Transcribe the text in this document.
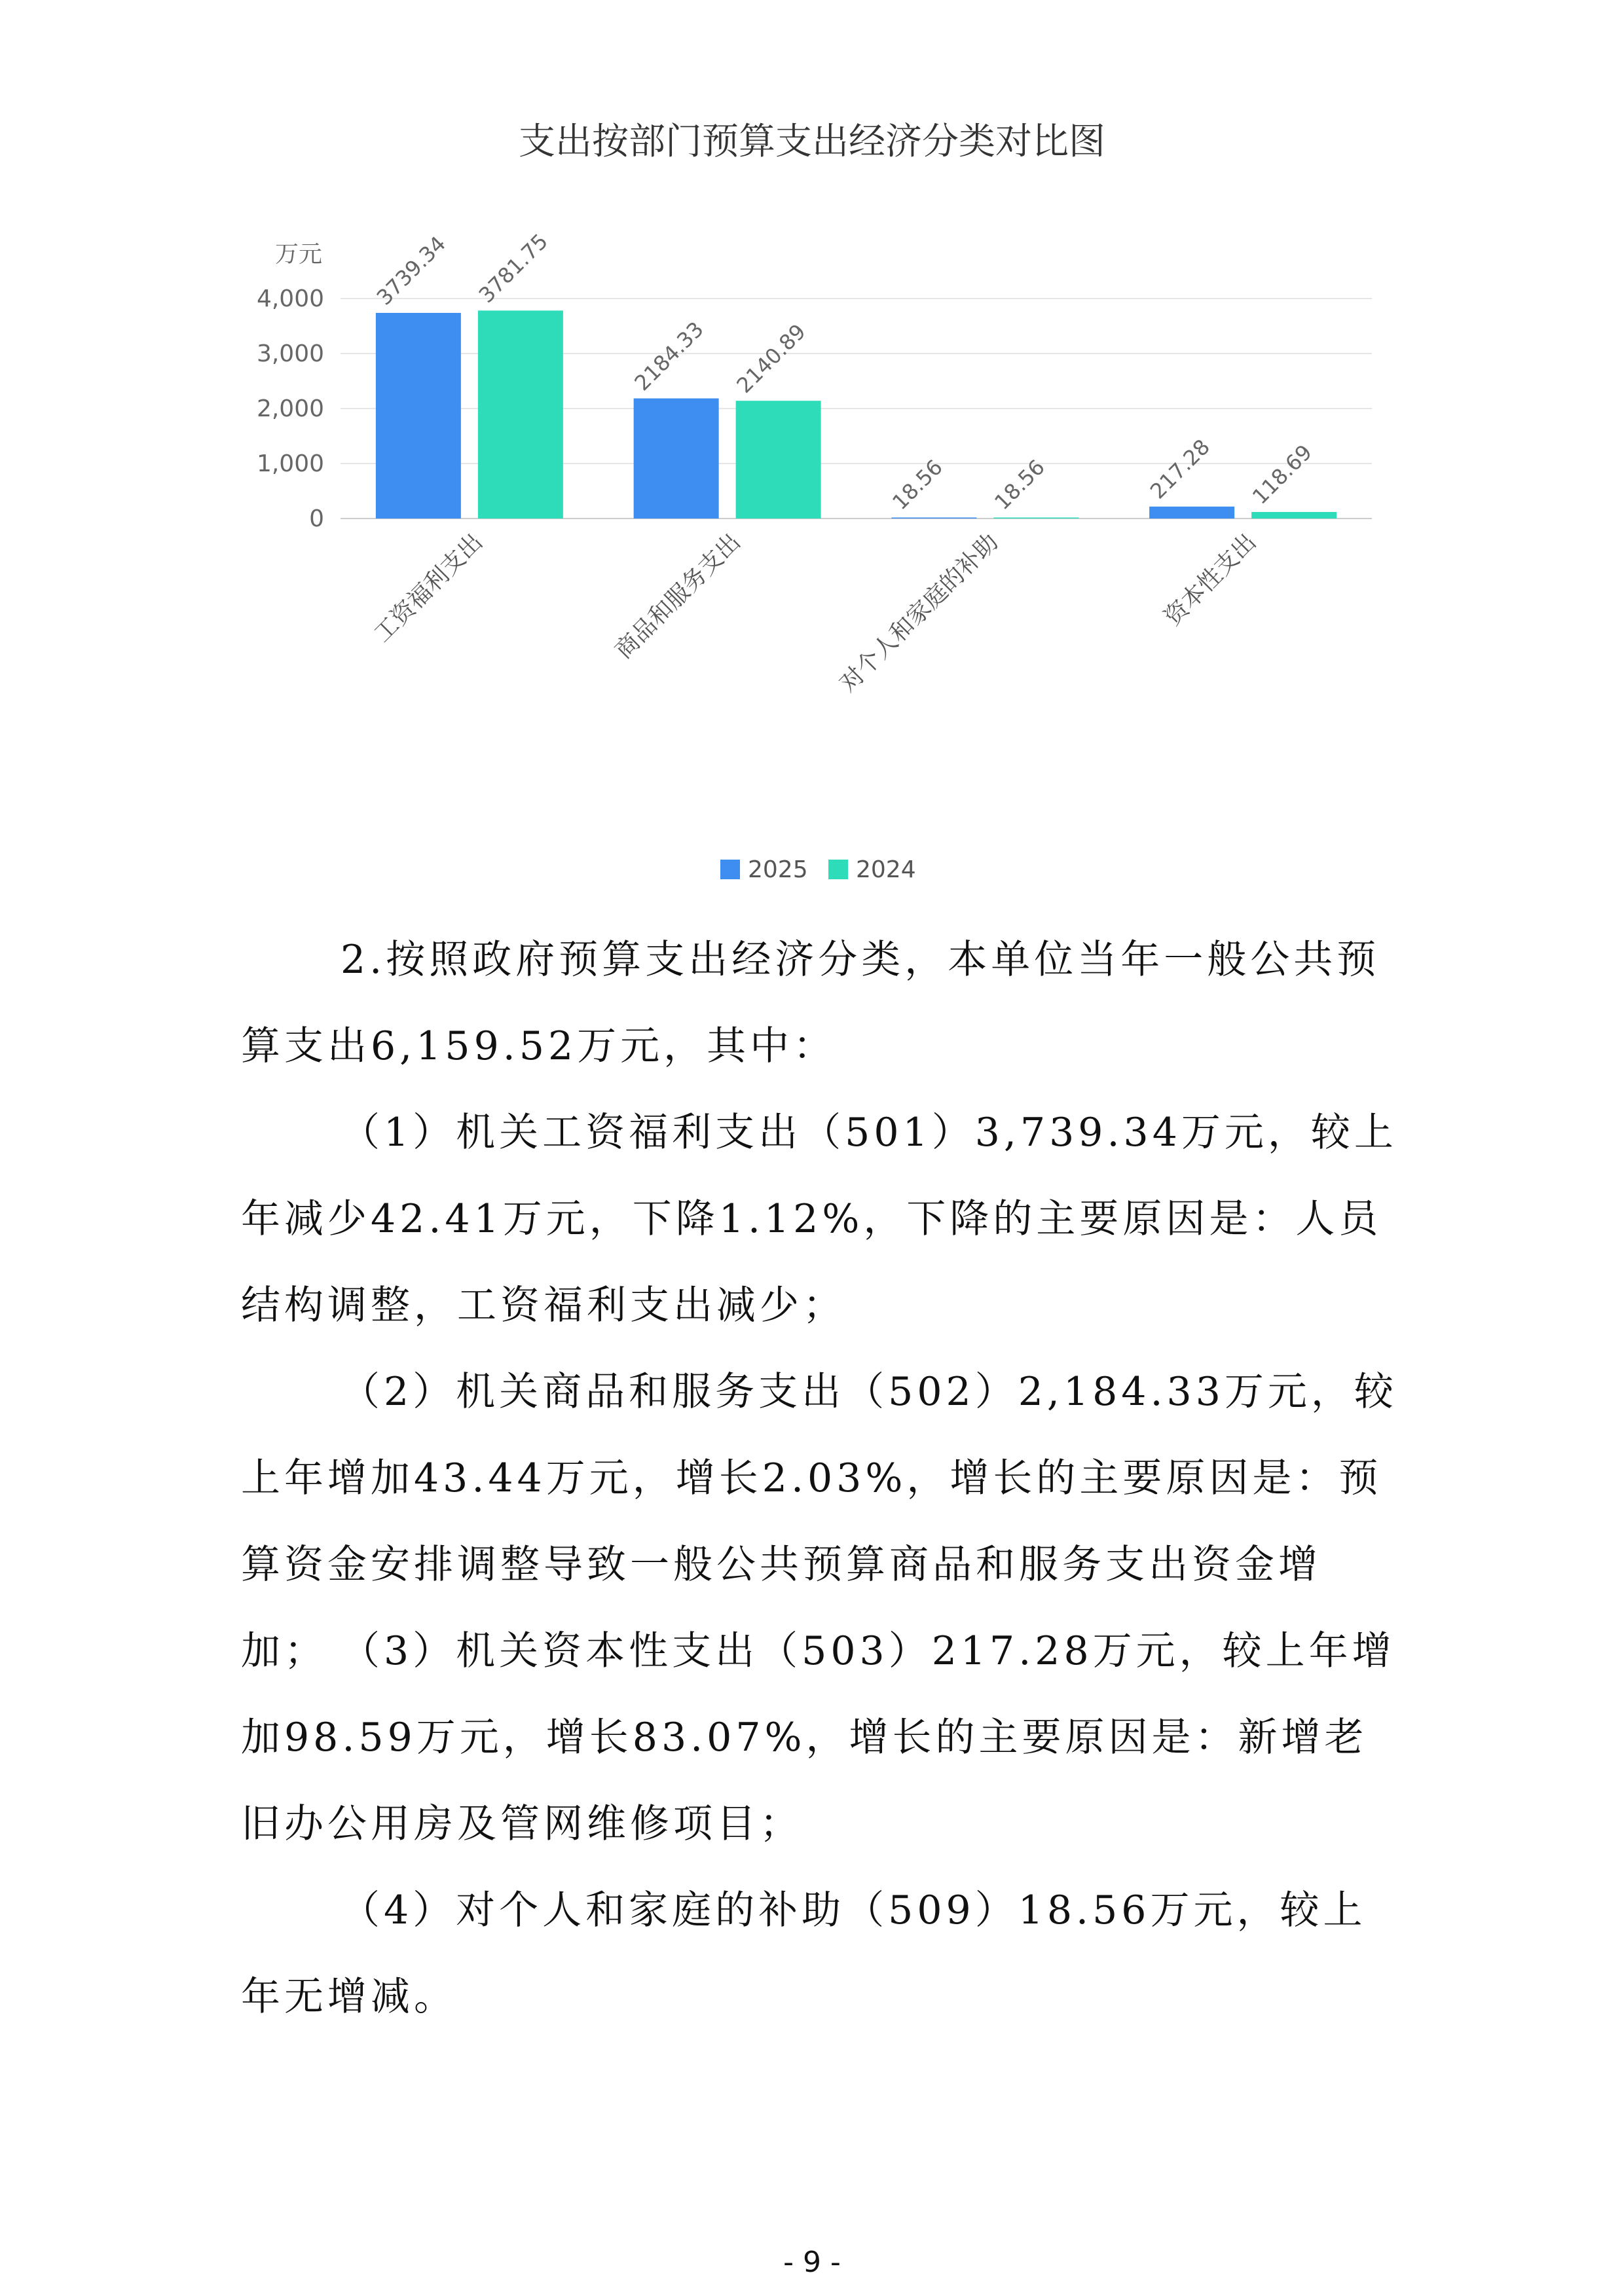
支出按部门预算支出经济分类对比图
万元
0
1,000
2,000
3,000
4,000 3739.34 3781.75
2184.33 2140.89
18.56 18.56	217.28 118.69
工资福利支出	商品和服务支出	对个人和家庭的补助	资本性支出
2025 2024

2.按照政府预算支出经济分类，本单位当年一般公共预算支出6,159.52万元，其中：

（1）机关工资福利支出（501）3,739.34万元，较上年减少42.41万元，下降1.12%，下降的主要原因是：人员结构调整，工资福利支出减少；

（2）机关商品和服务支出（502）2,184.33万元，较上年增加43.44万元，增长2.03%，增长的主要原因是：预算资金安排调整导致一般公共预算商品和服务支出资金增加； （3）机关资本性支出（503）217.28万元，较上年增加98.59万元，增长83.07%，增长的主要原因是：新增老旧办公用房及管网维修项目；

（4）对个人和家庭的补助（509）18.56万元，较上年无增减。

- 9 -
